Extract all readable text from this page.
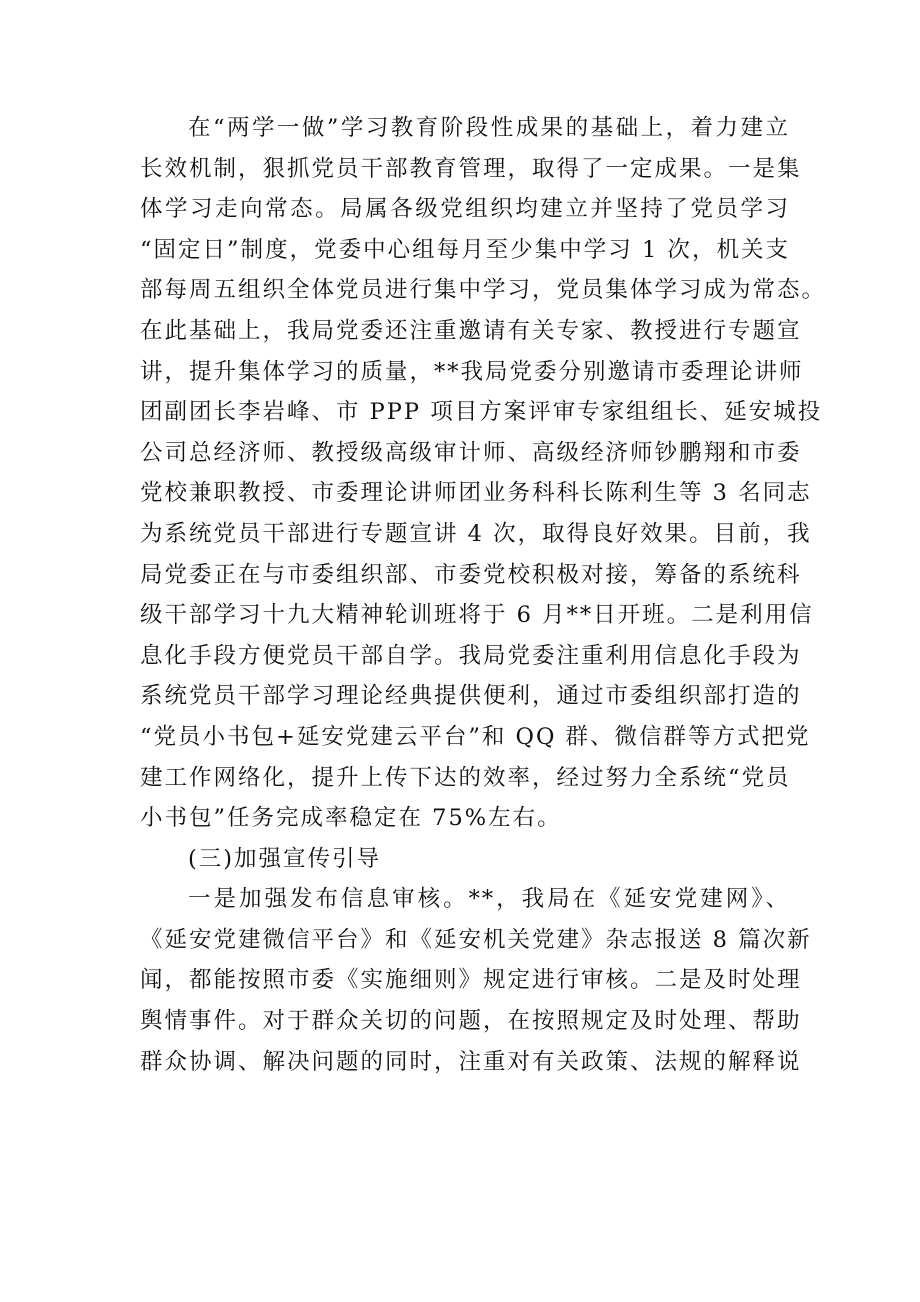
在“两学一做”学习教育阶段性成果的基础上，着力建立
长效机制，狠抓党员干部教育管理，取得了一定成果。一是集
体学习走向常态。局属各级党组织均建立并坚持了党员学习
“固定日”制度，党委中心组每月至少集中学习 1 次，机关支
部每周五组织全体党员进行集中学习，党员集体学习成为常态。
在此基础上，我局党委还注重邀请有关专家、教授进行专题宣
讲，提升集体学习的质量，**我局党委分别邀请市委理论讲师
团副团长李岩峰、市 PPP 项目方案评审专家组组长、延安城投
公司总经济师、教授级高级审计师、高级经济师钞鹏翔和市委
党校兼职教授、市委理论讲师团业务科科长陈利生等 3 名同志
为系统党员干部进行专题宣讲 4 次，取得良好效果。目前，我
局党委正在与市委组织部、市委党校积极对接，筹备的系统科
级干部学习十九大精神轮训班将于 6 月**日开班。二是利用信
息化手段方便党员干部自学。我局党委注重利用信息化手段为
系统党员干部学习理论经典提供便利，通过市委组织部打造的
“党员小书包+延安党建云平台”和 QQ 群、微信群等方式把党
建工作网络化，提升上传下达的效率，经过努力全系统“党员
小书包”任务完成率稳定在 75%左右。
(三)加强宣传引导
一是加强发布信息审核。**，我局在《延安党建网》、
《延安党建微信平台》和《延安机关党建》杂志报送 8 篇次新
闻，都能按照市委《实施细则》规定进行审核。二是及时处理
舆情事件。对于群众关切的问题，在按照规定及时处理、帮助
群众协调、解决问题的同时，注重对有关政策、法规的解释说
